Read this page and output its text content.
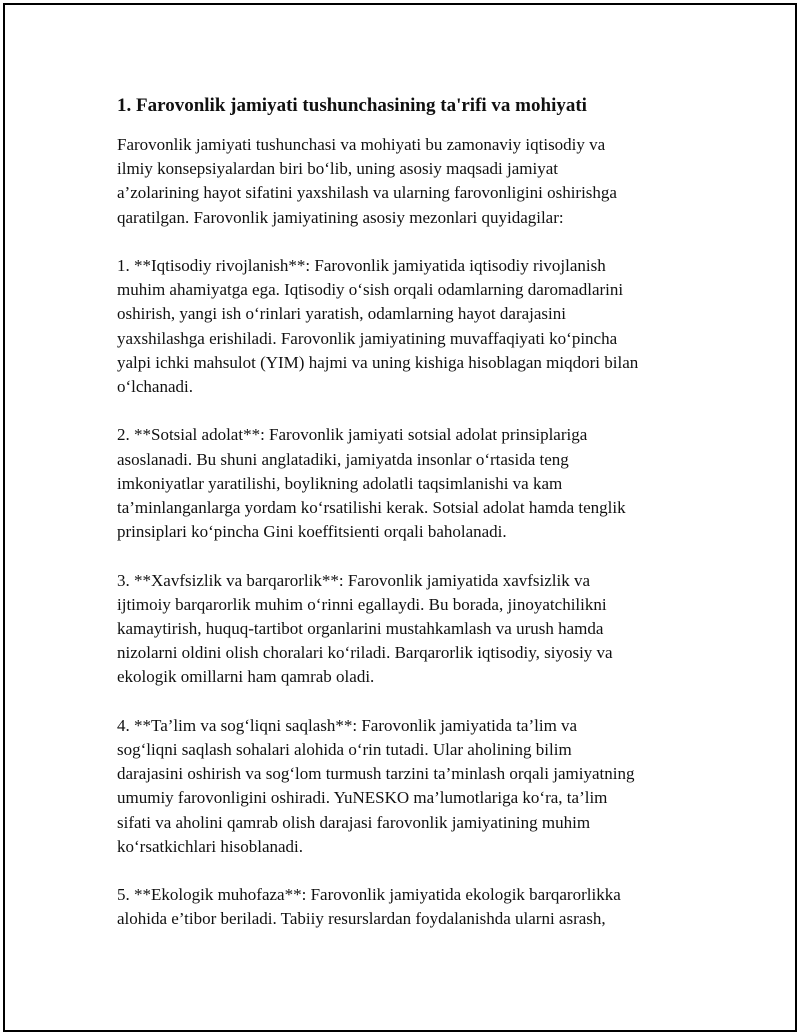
1. Farovonlik jamiyati tushunchasining ta'rifi va mohiyati

Farovonlik jamiyati tushunchasi va mohiyati bu zamonaviy iqtisodiy va
ilmiy konsepsiyalardan biri bo‘lib, uning asosiy maqsadi jamiyat
a’zolarining hayot sifatini yaxshilash va ularning farovonligini oshirishga
qaratilgan. Farovonlik jamiyatining asosiy mezonlari quyidagilar:

1. **Iqtisodiy rivojlanish**: Farovonlik jamiyatida iqtisodiy rivojlanish
muhim ahamiyatga ega. Iqtisodiy o‘sish orqali odamlarning daromadlarini
oshirish, yangi ish o‘rinlari yaratish, odamlarning hayot darajasini
yaxshilashga erishiladi. Farovonlik jamiyatining muvaffaqiyati ko‘pincha
yalpi ichki mahsulot (YIM) hajmi va uning kishiga hisoblagan miqdori bilan
o‘lchanadi.

2. **Sotsial adolat**: Farovonlik jamiyati sotsial adolat prinsiplariga
asoslanadi. Bu shuni anglatadiki, jamiyatda insonlar o‘rtasida teng
imkoniyatlar yaratilishi, boylikning adolatli taqsimlanishi va kam
ta’minlanganlarga yordam ko‘rsatilishi kerak. Sotsial adolat hamda tenglik
prinsiplari ko‘pincha Gini koeffitsienti orqali baholanadi.

3. **Xavfsizlik va barqarorlik**: Farovonlik jamiyatida xavfsizlik va
ijtimoiy barqarorlik muhim o‘rinni egallaydi. Bu borada, jinoyatchilikni
kamaytirish, huquq-tartibot organlarini mustahkamlash va urush hamda
nizolarni oldini olish choralari ko‘riladi. Barqarorlik iqtisodiy, siyosiy va
ekologik omillarni ham qamrab oladi.

4. **Ta’lim va sog‘liqni saqlash**: Farovonlik jamiyatida ta’lim va
sog‘liqni saqlash sohalari alohida o‘rin tutadi. Ular aholining bilim
darajasini oshirish va sog‘lom turmush tarzini ta’minlash orqali jamiyatning
umumiy farovonligini oshiradi. YuNESKO ma’lumotlariga ko‘ra, ta’lim
sifati va aholini qamrab olish darajasi farovonlik jamiyatining muhim
ko‘rsatkichlari hisoblanadi.

5. **Ekologik muhofaza**: Farovonlik jamiyatida ekologik barqarorlikka
alohida e’tibor beriladi. Tabiiy resurslardan foydalanishda ularni asrash,
